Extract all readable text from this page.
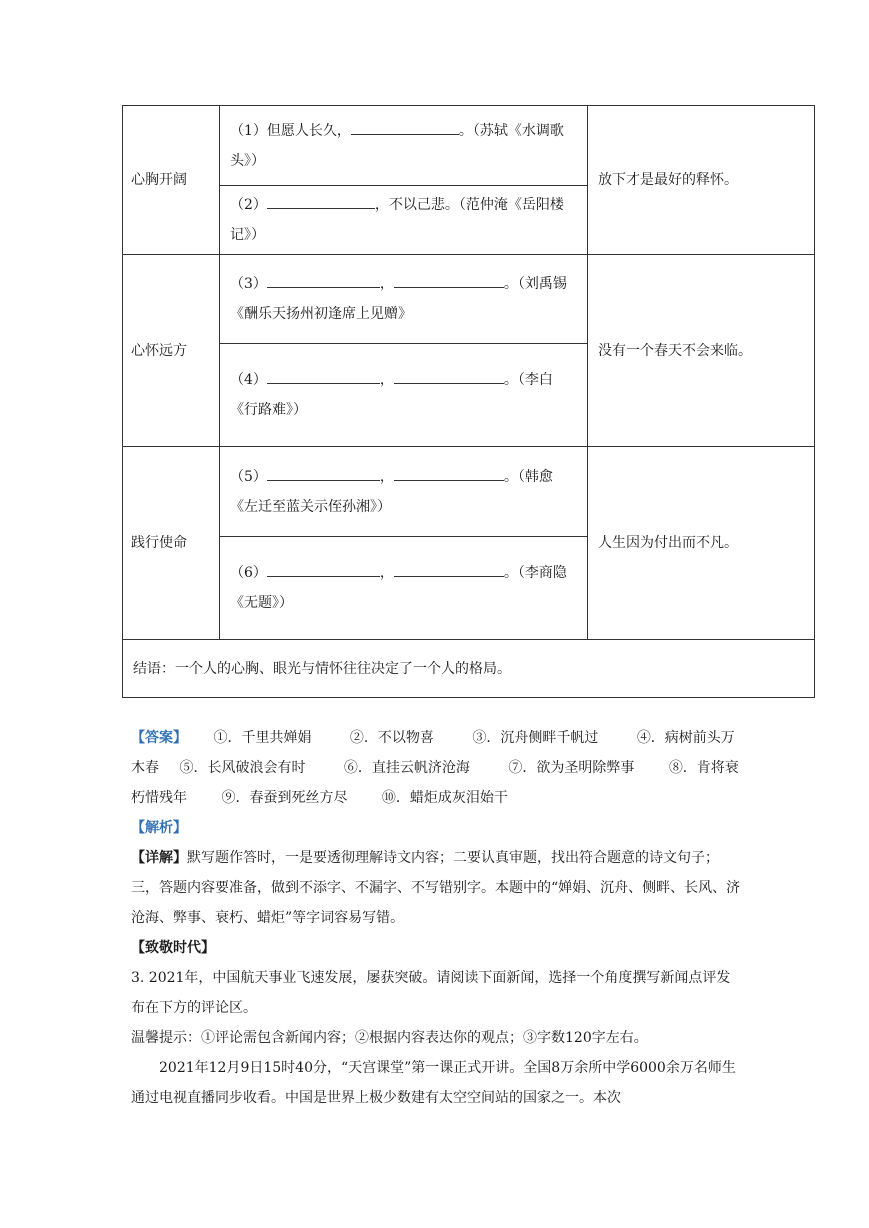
心胸开阔	（1）但愿人长久， 。（苏轼《水调歌头》）	放下才是最好的释怀。
	（2） ，不以己悲。（范仲淹《岳阳楼记》）	
心怀远方	（3） ， 。（刘禹锡《酬乐天扬州初逢席上见赠》	没有一个春天不会来临。
	（4） ， 。（李白《行路难》）	
践行使命	（5） ， 。（韩愈《左迁至蓝关示侄孙湘》）	人生因为付出而不凡。
	（6） ， 。（李商隐《无题》）	
结语：一个人的心胸、眼光与情怀往往决定了一个人的格局。		

【答案】 ①．千里共婵娟	②．不以物喜	③．沉舟侧畔千帆过	④．病树前头万木春 ⑤．长风破浪会有时	⑥．直挂云帆济沧海	⑦．欲为圣明除弊事 ⑧．肯将衰朽惜残年 ⑨．春蚕到死丝方尽 ⑩．蜡炬成灰泪始干

【解析】

【详解】默写题作答时，一是要透彻理解诗文内容；二要认真审题，找出符合题意的诗文句子；三，答题内容要准备，做到不添字、不漏字、不写错别字。本题中的“婵娟、沉舟、侧畔、长风、济沧海、弊事、衰朽、蜡炬”等字词容易写错。

【致敬时代】

3. 2021年，中国航天事业飞速发展，屡获突破。请阅读下面新闻，选择一个角度撰写新闻点评发布在下方的评论区。

温馨提示：①评论需包含新闻内容；②根据内容表达你的观点；③字数120字左右。

2021年12月9日15时40分，“天宫课堂”第一课正式开讲。全国8万余所中学6000余万名师生通过电视直播同步收看。中国是世界上极少数建有太空空间站的国家之一。本次
